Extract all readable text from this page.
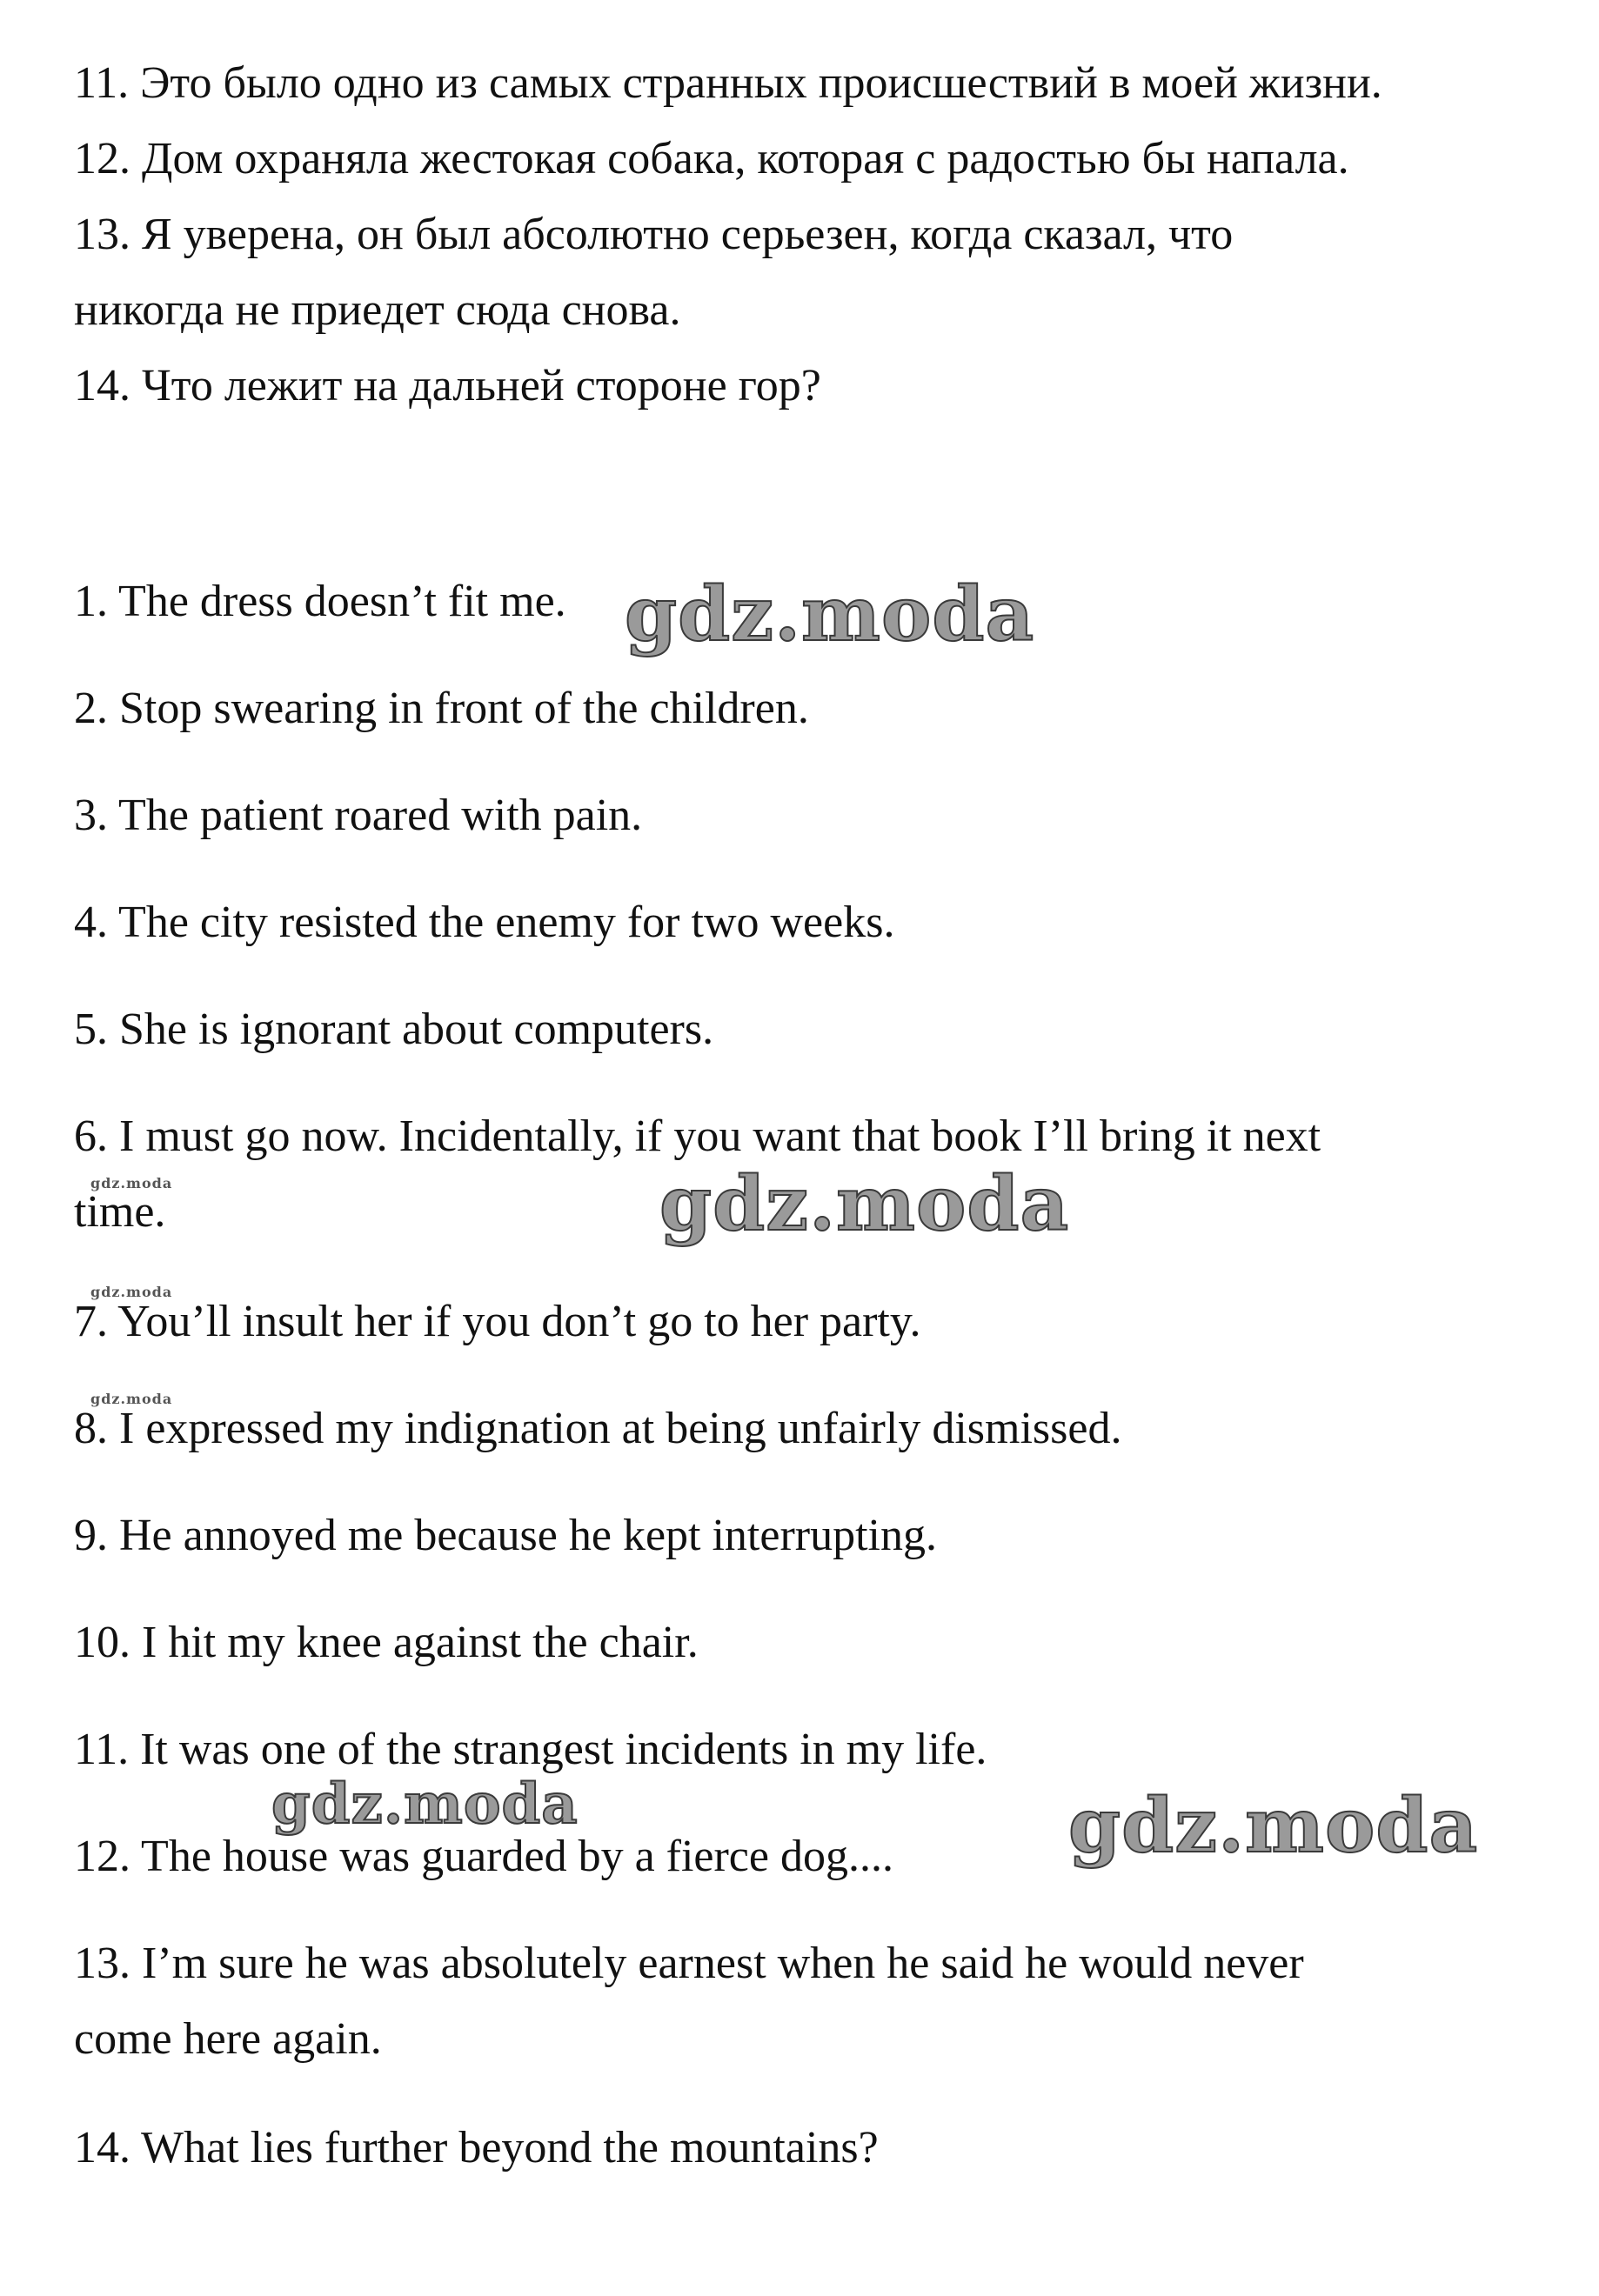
11. Это было одно из самых странных происшествий в моей жизни.
12. Дом охраняла жестокая собака, которая с радостью бы напала.
13. Я уверена, он был абсолютно серьезен, когда сказал, что
никогда не приедет сюда снова.
14. Что лежит на дальней стороне гор?
1. The dress doesn’t fit me.
2. Stop swearing in front of the children.
3. The patient roared with pain.
4. The city resisted the enemy for two weeks.
5. She is ignorant about computers.
6. I must go now. Incidentally, if you want that book I’ll bring it next
time.
7. You’ll insult her if you don’t go to her party.
8. I expressed my indignation at being unfairly dismissed.
9. He annoyed me because he kept interrupting.
10. I hit my knee against the chair.
11. It was one of the strangest incidents in my life.
12. The house was guarded by a fierce dog....
13. I’m sure he was absolutely earnest when he said he would never
come here again.
14. What lies further beyond the mountains?
gdz.moda
gdz.moda
gdz.moda	gdz.moda
gdz.moda
gdz.moda
gdz.moda
